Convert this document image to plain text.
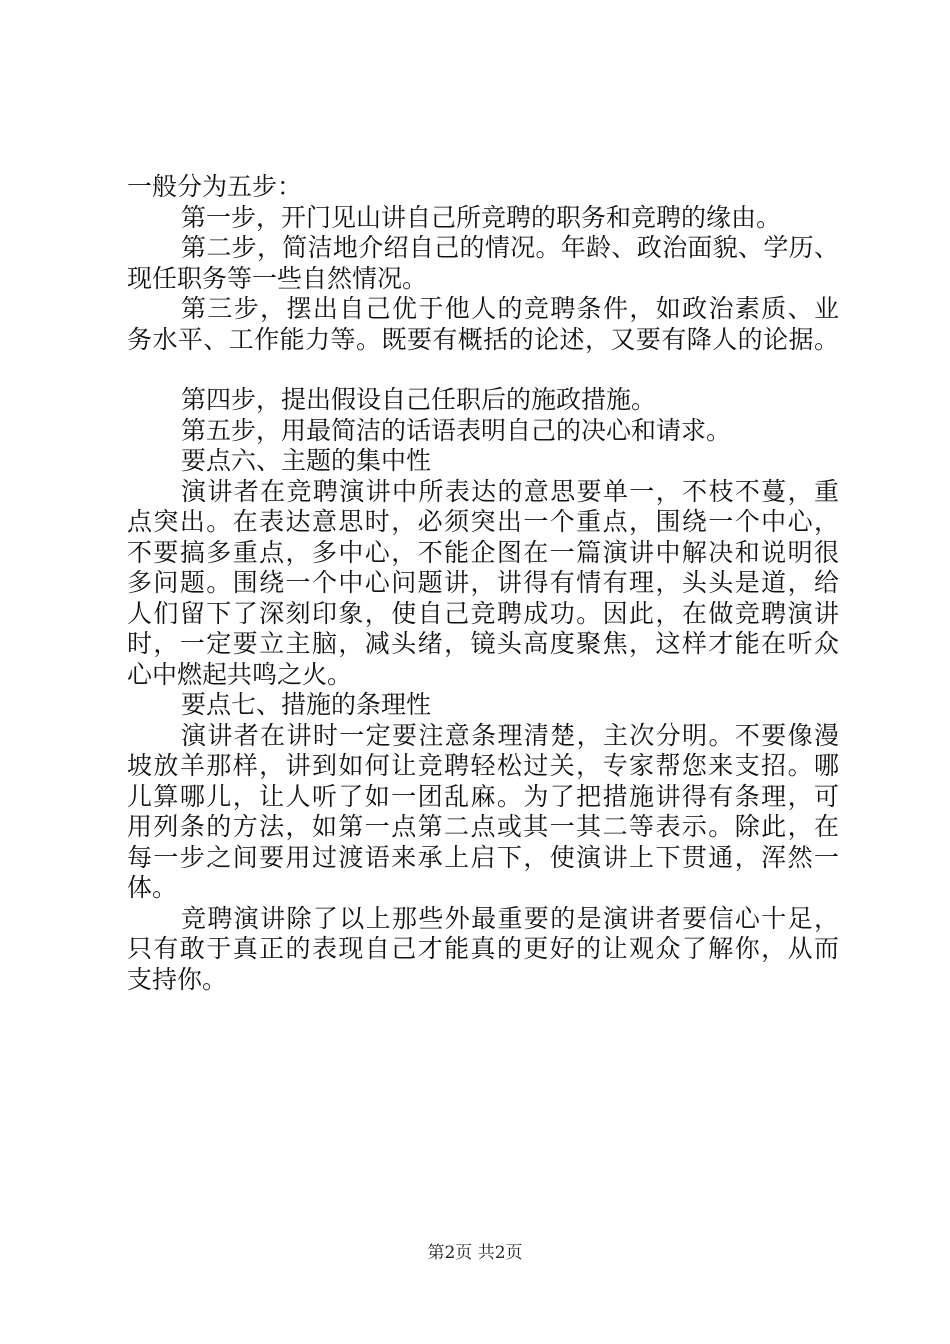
一般分为五步：
第一步，开门见山讲自己所竞聘的职务和竞聘的缘由。
第二步，简洁地介绍自己的情况。年龄、政治面貌、学历、
现任职务等一些自然情况。
第三步，摆出自己优于他人的竞聘条件，如政治素质、业
务水平、工作能力等。既要有概括的论述，又要有降人的论据。
第四步，提出假设自己任职后的施政措施。
第五步，用最简洁的话语表明自己的决心和请求。
要点六、主题的集中性
演讲者在竞聘演讲中所表达的意思要单一，不枝不蔓，重
点突出。在表达意思时，必须突出一个重点，围绕一个中心，
不要搞多重点，多中心，不能企图在一篇演讲中解决和说明很
多问题。围绕一个中心问题讲，讲得有情有理，头头是道，给
人们留下了深刻印象，使自己竞聘成功。因此，在做竞聘演讲
时，一定要立主脑，减头绪，镜头高度聚焦，这样才能在听众
心中燃起共鸣之火。
要点七、措施的条理性
演讲者在讲时一定要注意条理清楚，主次分明。不要像漫
坡放羊那样，讲到如何让竞聘轻松过关，专家帮您来支招。哪
儿算哪儿，让人听了如一团乱麻。为了把措施讲得有条理，可
用列条的方法，如第一点第二点或其一其二等表示。除此，在
每一步之间要用过渡语来承上启下，使演讲上下贯通，浑然一
体。
竞聘演讲除了以上那些外最重要的是演讲者要信心十足，
只有敢于真正的表现自己才能真的更好的让观众了解你，从而
支持你。
第2页 共2页
